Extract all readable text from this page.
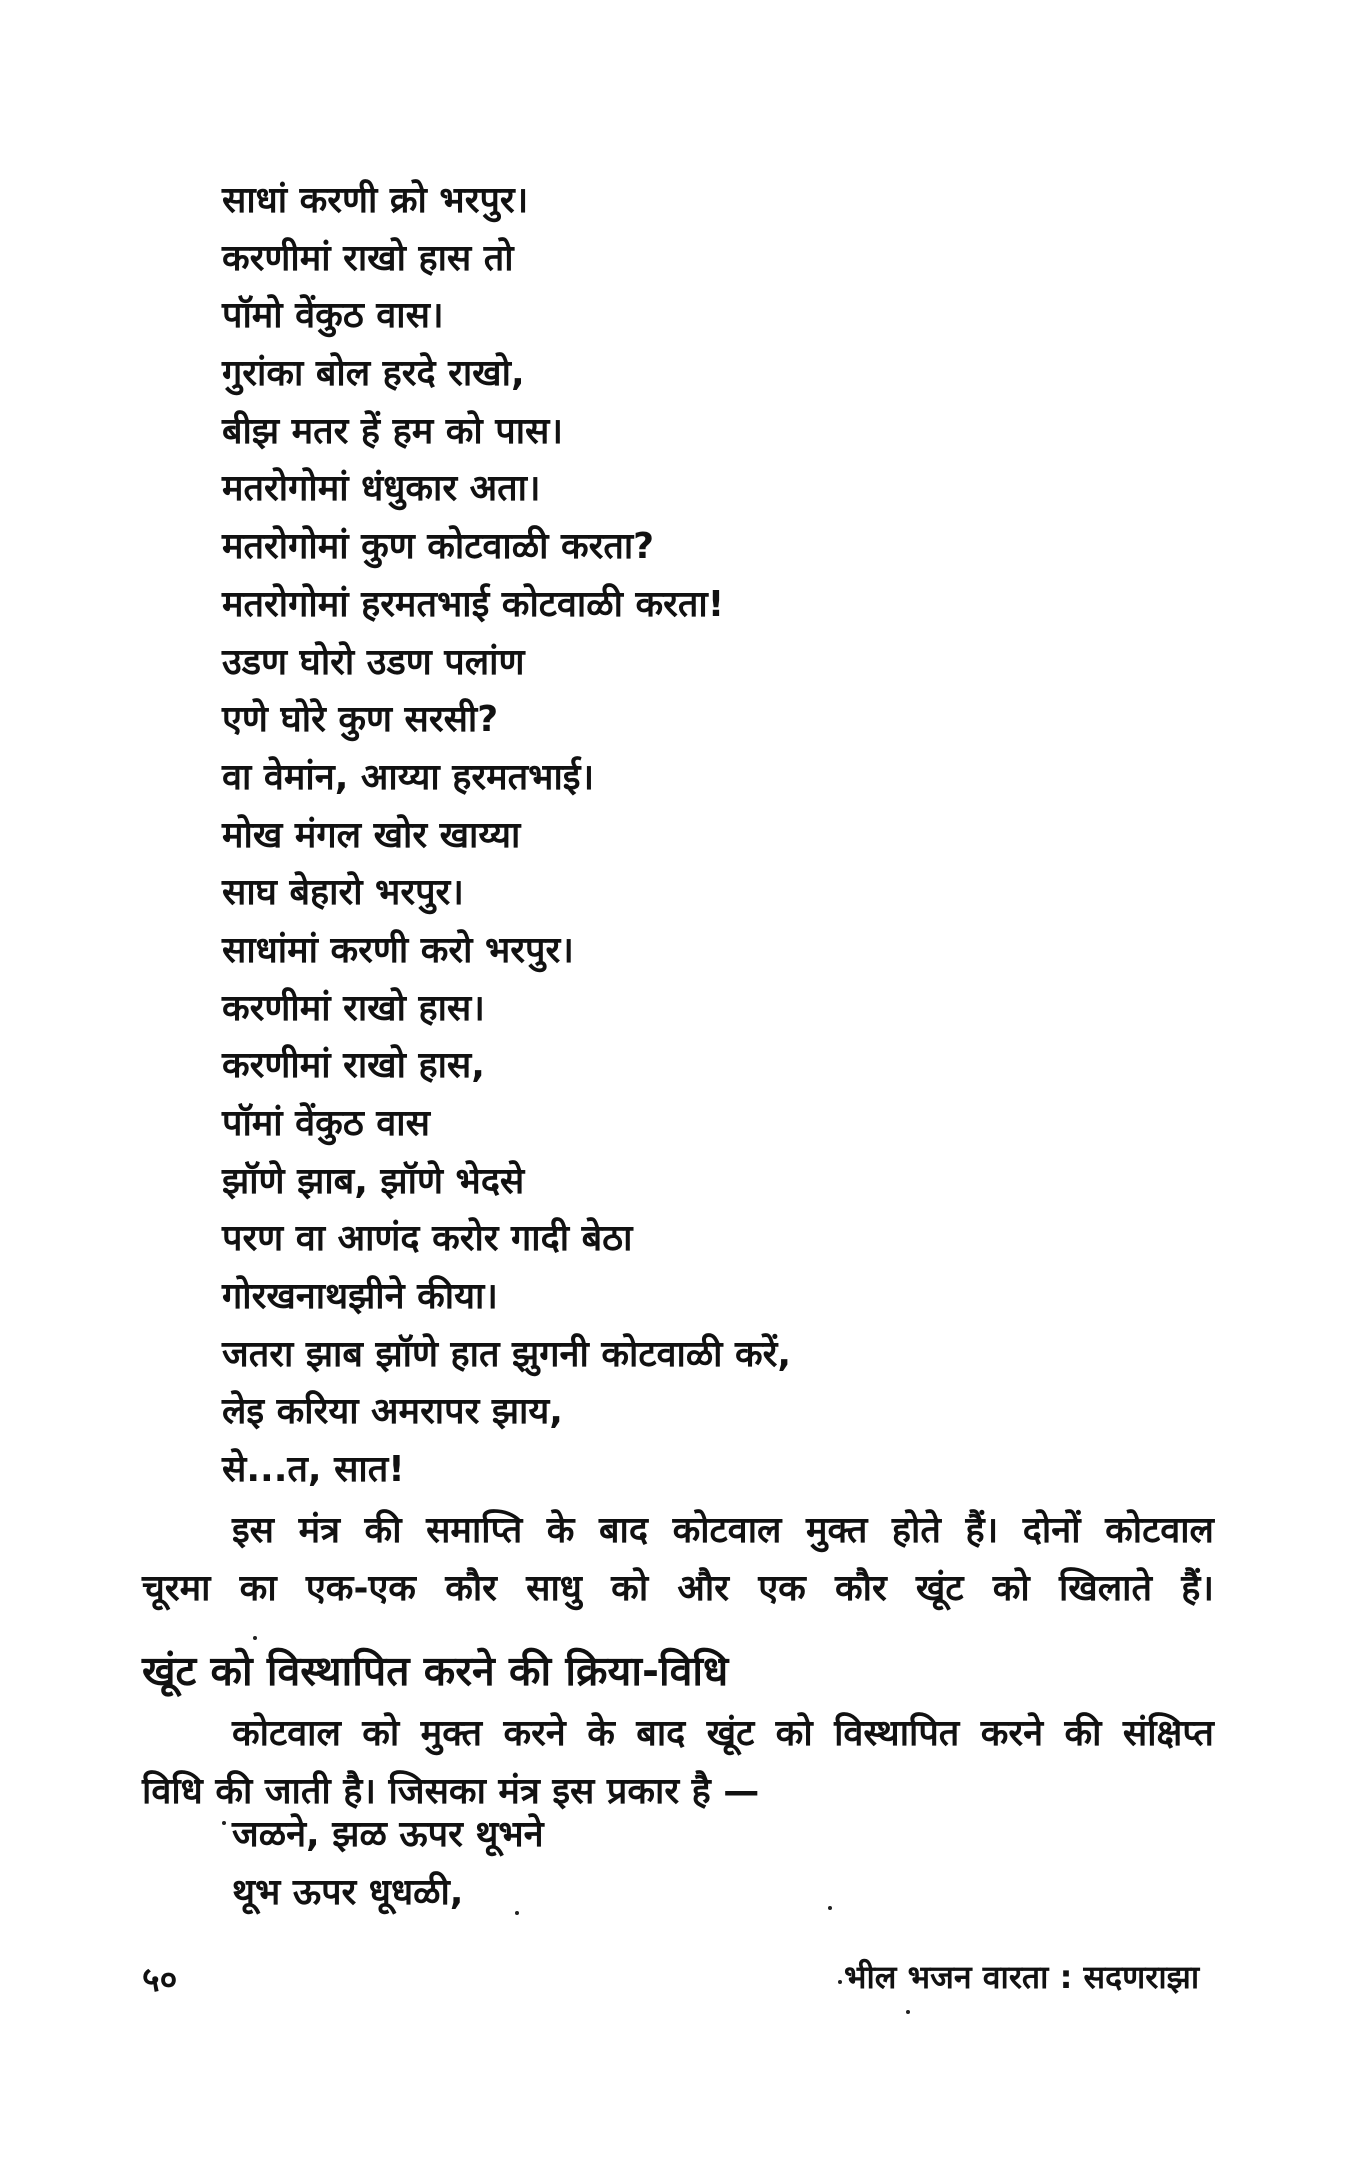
साधां करणी क्रो भरपुर।
करणीमां राखो हास तो
पॉमो वेंकुठ वास।
गुरांका बोल हरदे राखो,
बीझ मतर हें हम को पास।
मतरोगोमां धंधुकार अता।
मतरोगोमां कुण कोटवाळी करता?
मतरोगोमां हरमतभाई कोटवाळी करता!
उडण घोरो उडण पलांण
एणे घोरे कुण सरसी?
वा वेमांन, आय्या हरमतभाई।
मोख मंगल खोर खाय्या
साघ बेहारो भरपुर।
साधांमां करणी करो भरपुर।
करणीमां राखो हास।
करणीमां राखो हास,
पॉमां वेंकुठ वास
झॉणे झाब, झॉणे भेदसे
परण वा आणंद करोर गादी बेठा
गोरखनाथझीने कीया।
जतरा झाब झॉणे हात झुगनी कोटवाळी करें,
लेइ करिया अमरापर झाय,
से...त, सात!
इस मंत्र की समाप्ति के बाद कोटवाल मुक्त होते हैं। दोनों कोटवाल
चूरमा का एक-एक कौर साधु को और एक कौर खूंट को खिलाते हैं।
खूंट को विस्थापित करने की क्रिया-विधि
कोटवाल को मुक्त करने के बाद खूंट को विस्थापित करने की संक्षिप्त
विधि की जाती है। जिसका मंत्र इस प्रकार है —
जळने, झळ ऊपर थूभने
थूभ ऊपर धूधळी,
५०	भील भजन वारता : सदणराझा
